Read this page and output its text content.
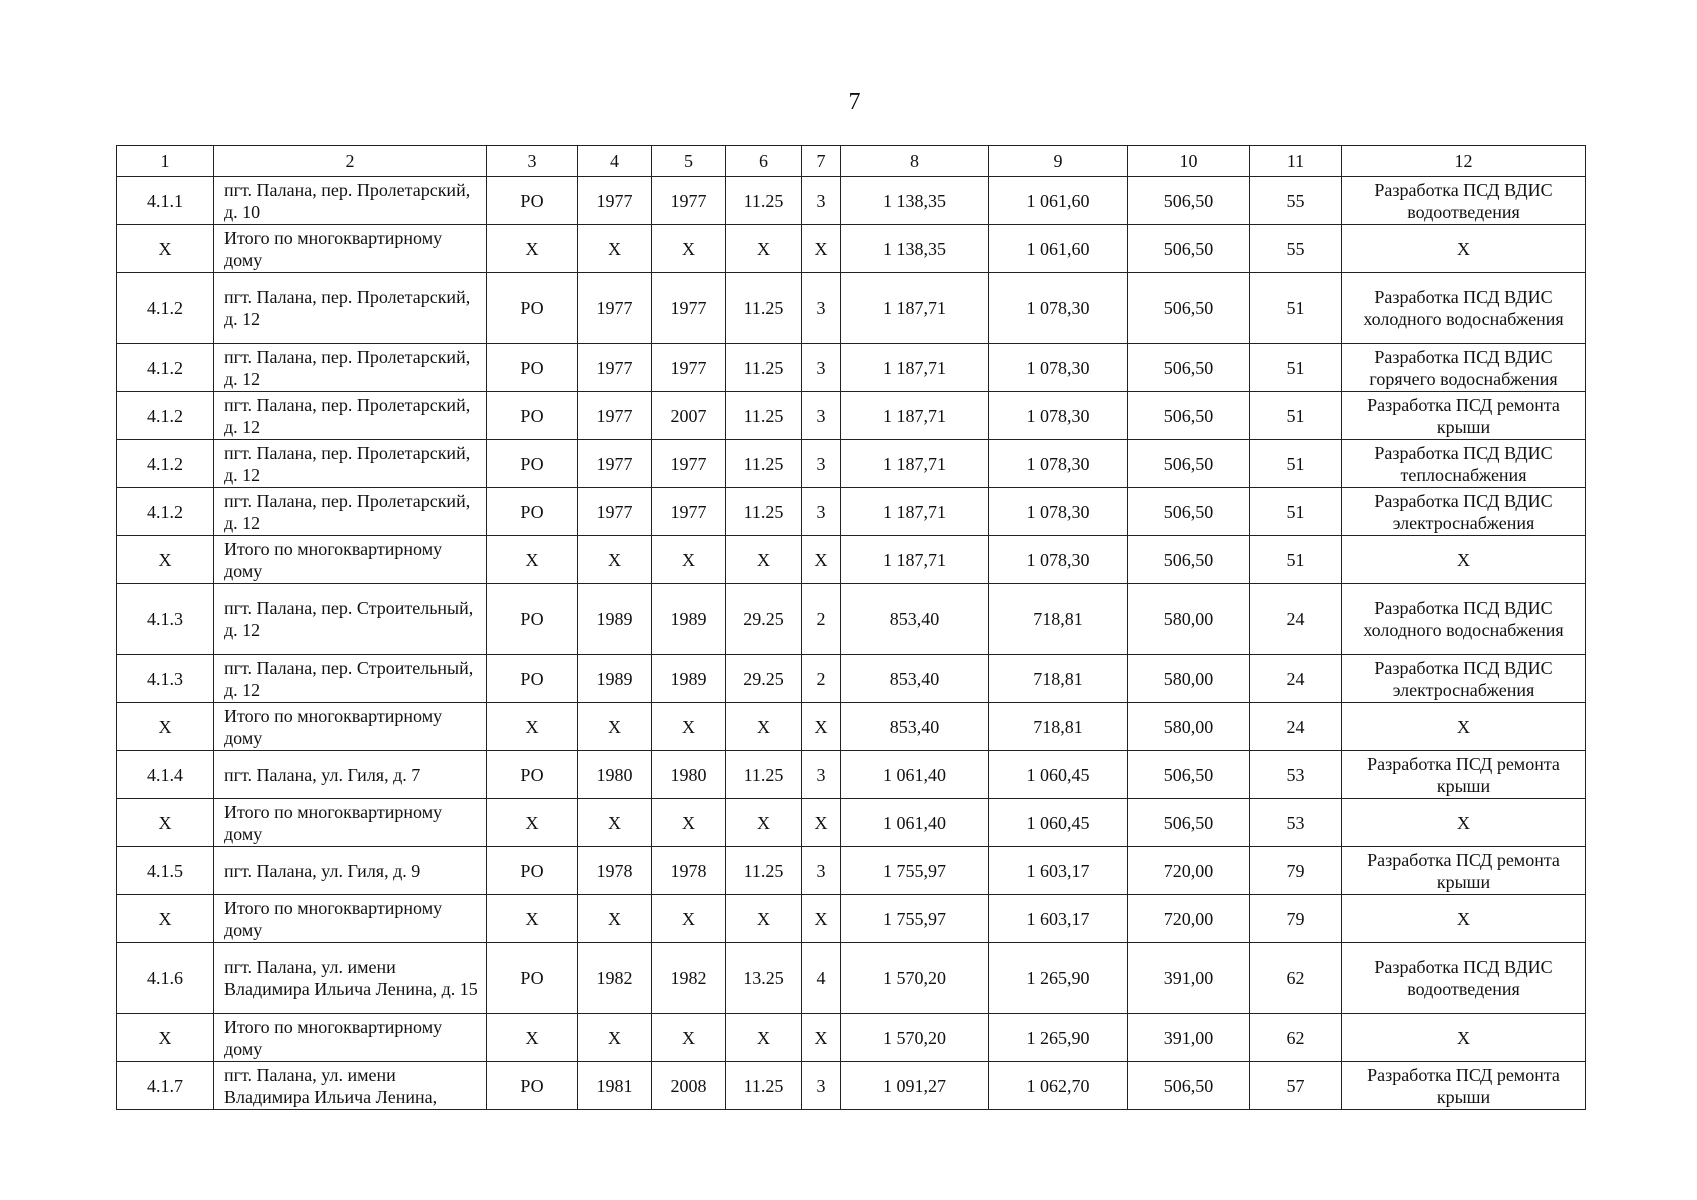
7
1	2	3	4	5	6	7	8	9	10	11	12
4.1.1	пгт. Палана, пер. Пролетарский, д. 10	РО	1977	1977	11.25	3	1 138,35	1 061,60	506,50	55	Разработка ПСД ВДИС водоотведения
Х	Итого по многоквартирному дому	Х	Х	Х	Х	Х	1 138,35	1 061,60	506,50	55	Х
4.1.2	пгт. Палана, пер. Пролетарский, д. 12	РО	1977	1977	11.25	3	1 187,71	1 078,30	506,50	51	Разработка ПСД ВДИС холодного водоснабжения
4.1.2	пгт. Палана, пер. Пролетарский, д. 12	РО	1977	1977	11.25	3	1 187,71	1 078,30	506,50	51	Разработка ПСД ВДИС горячего водоснабжения
4.1.2	пгт. Палана, пер. Пролетарский, д. 12	РО	1977	2007	11.25	3	1 187,71	1 078,30	506,50	51	Разработка ПСД ремонта крыши
4.1.2	пгт. Палана, пер. Пролетарский, д. 12	РО	1977	1977	11.25	3	1 187,71	1 078,30	506,50	51	Разработка ПСД ВДИС теплоснабжения
4.1.2	пгт. Палана, пер. Пролетарский, д. 12	РО	1977	1977	11.25	3	1 187,71	1 078,30	506,50	51	Разработка ПСД ВДИС электроснабжения
Х	Итого по многоквартирному дому	Х	Х	Х	Х	Х	1 187,71	1 078,30	506,50	51	Х
4.1.3	пгт. Палана, пер. Строительный, д. 12	РО	1989	1989	29.25	2	853,40	718,81	580,00	24	Разработка ПСД ВДИС холодного водоснабжения
4.1.3	пгт. Палана, пер. Строительный, д. 12	РО	1989	1989	29.25	2	853,40	718,81	580,00	24	Разработка ПСД ВДИС электроснабжения
Х	Итого по многоквартирному дому	Х	Х	Х	Х	Х	853,40	718,81	580,00	24	Х
4.1.4	пгт. Палана, ул. Гиля, д. 7	РО	1980	1980	11.25	3	1 061,40	1 060,45	506,50	53	Разработка ПСД ремонта крыши
Х	Итого по многоквартирному дому	Х	Х	Х	Х	Х	1 061,40	1 060,45	506,50	53	Х
4.1.5	пгт. Палана, ул. Гиля, д. 9	РО	1978	1978	11.25	3	1 755,97	1 603,17	720,00	79	Разработка ПСД ремонта крыши
Х	Итого по многоквартирному дому	Х	Х	Х	Х	Х	1 755,97	1 603,17	720,00	79	Х
4.1.6	пгт. Палана, ул. имени Владимира Ильича Ленина, д. 15	РО	1982	1982	13.25	4	1 570,20	1 265,90	391,00	62	Разработка ПСД ВДИС водоотведения
Х	Итого по многоквартирному дому	Х	Х	Х	Х	Х	1 570,20	1 265,90	391,00	62	Х
4.1.7	пгт. Палана, ул. имени Владимира Ильича Ленина,	РО	1981	2008	11.25	3	1 091,27	1 062,70	506,50	57	Разработка ПСД ремонта крыши
